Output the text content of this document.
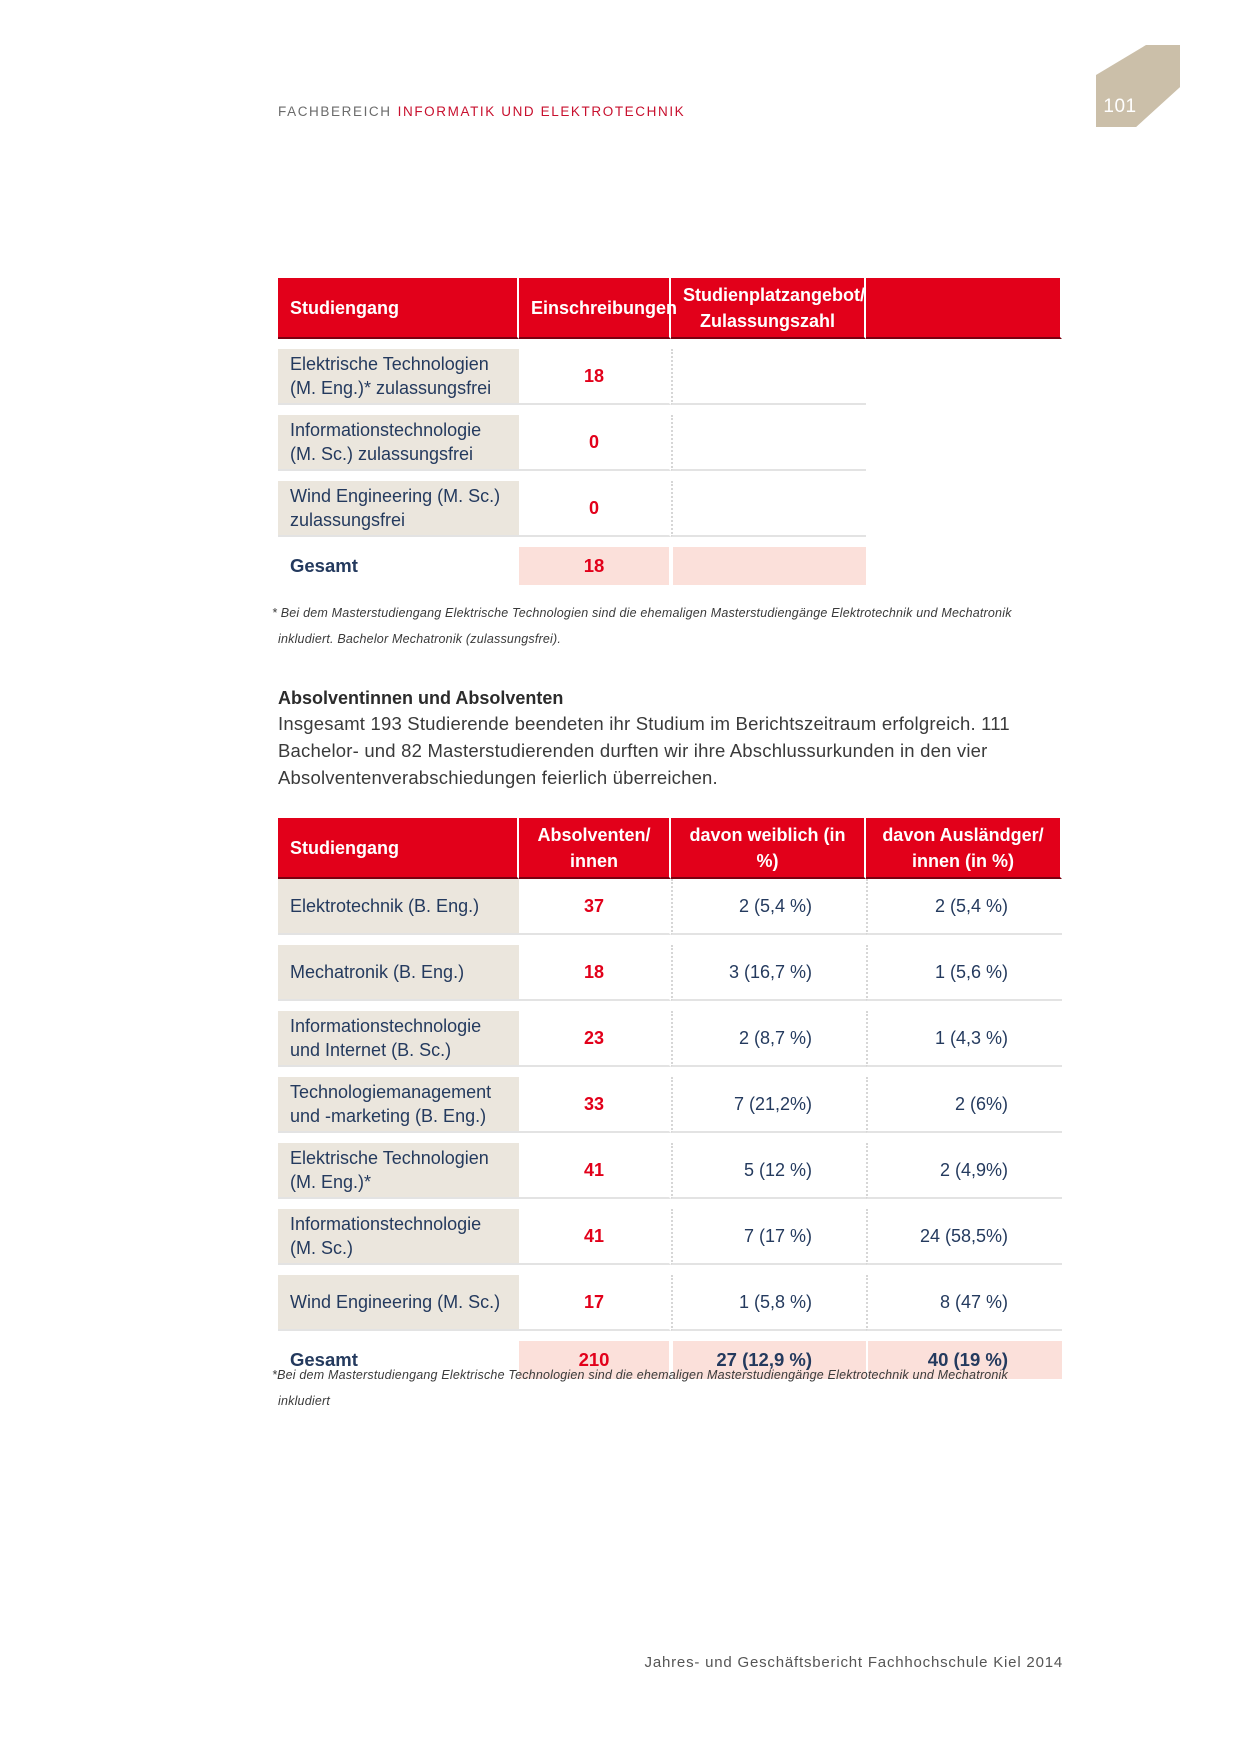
101
FACHBEREICH INFORMATIK UND ELEKTROTECHNIK
Studiengang	Einschreibungen	Studienplatzangebot/ Zulassungszahl	

Elektrische Technologien (M. Eng.)* zulassungsfrei	18		

Informationstechnologie (M. Sc.) zulassungsfrei	0		

Wind Engineering (M. Sc.) zulassungsfrei	0		

Gesamt	18		
* Bei dem Masterstudiengang Elektrische Technologien sind die ehemaligen Masterstudiengänge Elektrotechnik und Mechatronik
inkludiert. Bachelor Mechatronik (zulassungsfrei).
Absolventinnen und Absolventen
Insgesamt 193 Studierende beendeten ihr Studium im Berichtszeitraum erfolgreich. 111 Bachelor- und 82 Masterstudierenden durften wir ihre Abschlussurkunden in den vier Absolventenverabschiedungen feierlich überreichen.
Studiengang	Absolventen/ innen	davon weiblich (in %)	davon Ausländger/ innen (in %)
Elektrotechnik (B. Eng.)	37	2 (5,4 %)	2 (5,4 %)

Mechatronik (B. Eng.)	18	3 (16,7 %)	1 (5,6 %)

Informationstechnologie und Internet (B. Sc.)	23	2 (8,7 %)	1 (4,3 %)

Technologiemanagement und -marketing (B. Eng.)	33	7 (21,2%)	2 (6%)

Elektrische Technologien (M. Eng.)*	41	5 (12 %)	2 (4,9%)

Informationstechnologie (M. Sc.)	41	7 (17 %)	24 (58,5%)

Wind Engineering (M. Sc.)	17	1 (5,8 %)	8 (47 %)

Gesamt	210	27 (12,9 %)	40 (19 %)
*Bei dem Masterstudiengang Elektrische Technologien sind die ehemaligen Masterstudiengänge Elektrotechnik und Mechatronik
inkludiert
Jahres- und Geschäftsbericht Fachhochschule Kiel 2014
